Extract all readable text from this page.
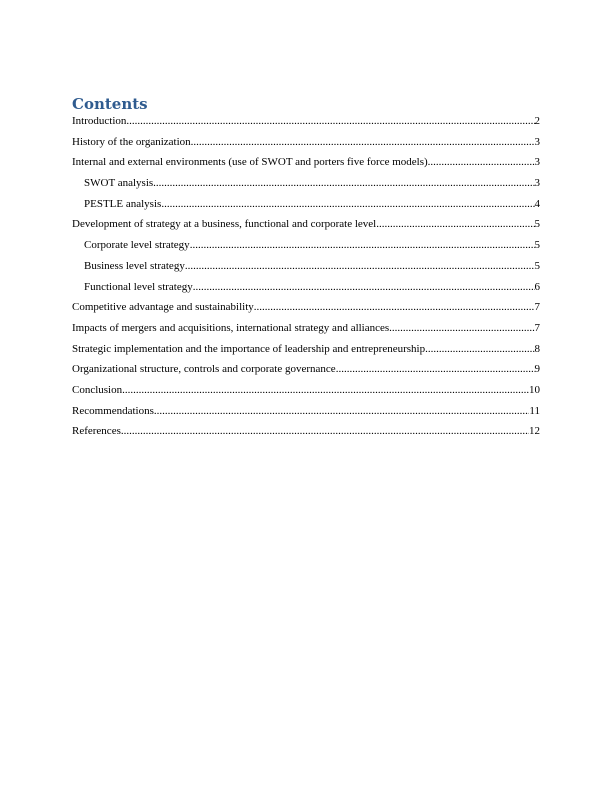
Contents
Introduction .....	2
History of the organization .....	3
Internal and external environments (use of SWOT and porters five force models) .....	3
SWOT analysis .....	3
PESTLE analysis .....	4
Development of strategy at a business, functional and corporate level .....	5
Corporate level strategy .....	5
Business level strategy .....	5
Functional level strategy .....	6
Competitive advantage and sustainability .....	7
Impacts of mergers and acquisitions, international strategy and alliances .....	7
Strategic implementation and the importance of leadership and entrepreneurship .....	8
Organizational structure, controls and corporate governance .....	9
Conclusion .....	10
Recommendations .....	11
References .....	12
